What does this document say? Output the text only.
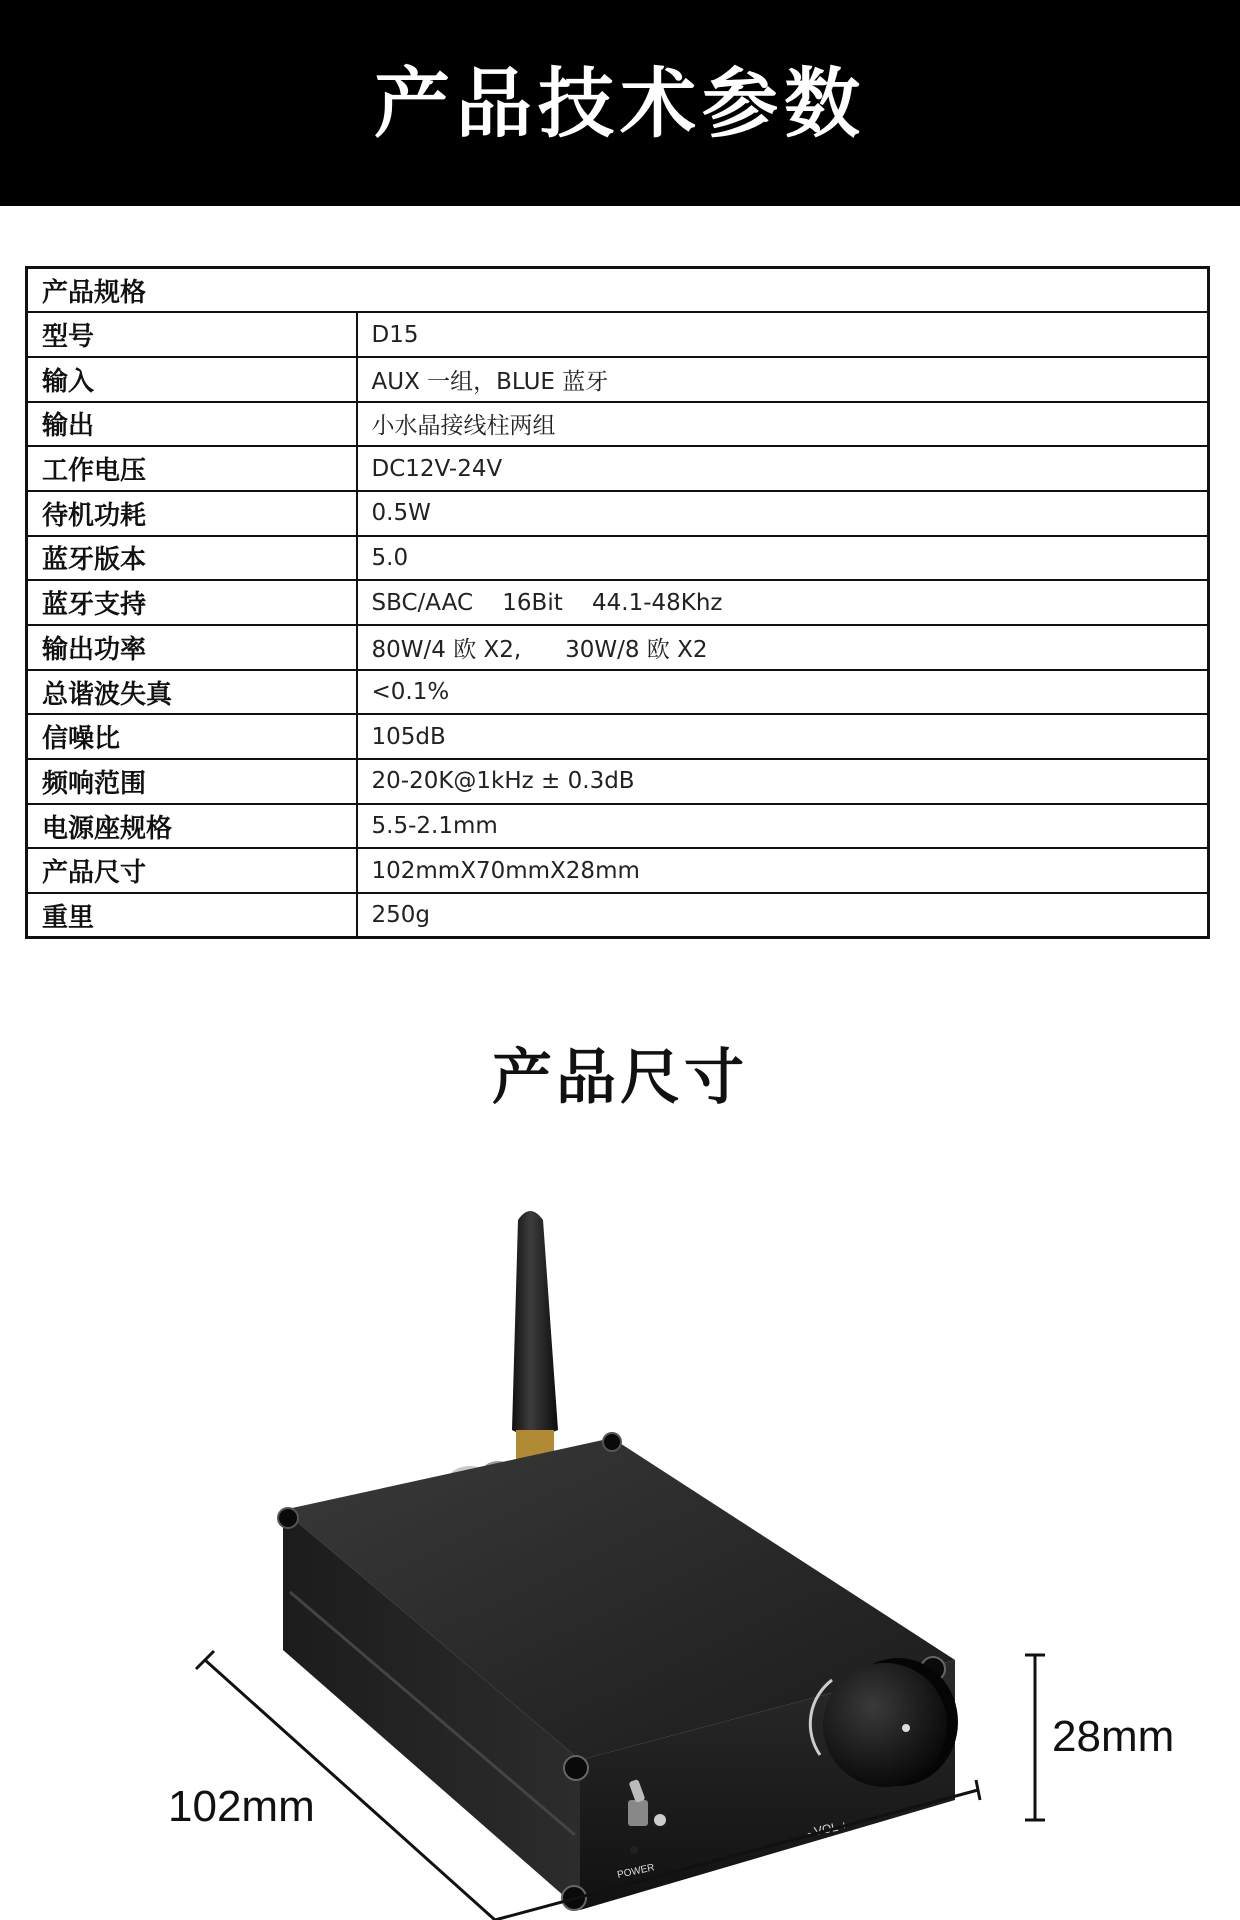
产品技术参数
产品规格	
型号	D15
输入	AUX 一组，BLUE 蓝牙
输出	小水晶接线柱两组
工作电压	DC12V-24V
待机功耗	0.5W
蓝牙版本	5.0
蓝牙支持	SBC/AAC    16Bit    44.1-48Khz
输出功率	80W/4 欧 X2,      30W/8 欧 X2
总谐波失真	<0.1%
信噪比	105dB
频响范围	20-20K@1kHz ± 0.3dB
电源座规格	5.5-2.1mm
产品尺寸	102mmX70mmX28mm
重里	250g
产品尺寸
- VOL +
POWER
102mm
28mm
